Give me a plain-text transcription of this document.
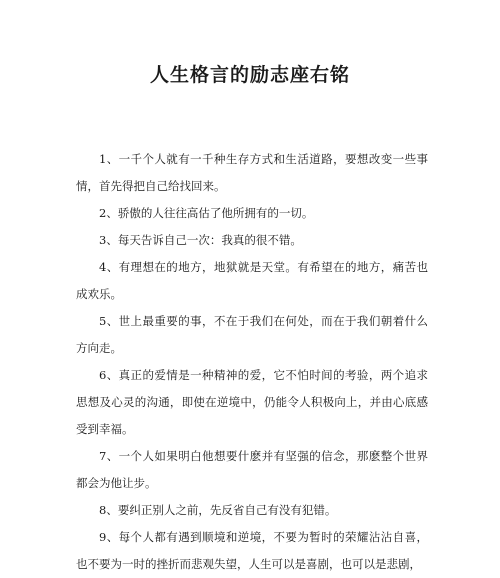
人生格言的励志座右铭

1、一千个人就有一千种生存方式和生活道路，要想改变一些事情，首先得把自己给找回来。

2、骄傲的人往往高估了他所拥有的一切。

3、每天告诉自己一次：我真的很不错。

4、有理想在的地方，地狱就是天堂。有希望在的地方，痛苦也成欢乐。

5、世上最重要的事，不在于我们在何处，而在于我们朝着什么方向走。

6、真正的爱情是一种精神的爱，它不怕时间的考验，两个追求思想及心灵的沟通，即使在逆境中，仍能令人积极向上，并由心底感受到幸福。

7、一个人如果明白他想要什麽并有坚强的信念，那麽整个世界都会为他让步。

8、要纠正别人之前，先反省自己有没有犯错。

9、每个人都有遇到顺境和逆境，不要为暂时的荣耀沾沾自喜，也不要为一时的挫折而悲观失望，人生可以是喜剧，也可以是悲剧，
